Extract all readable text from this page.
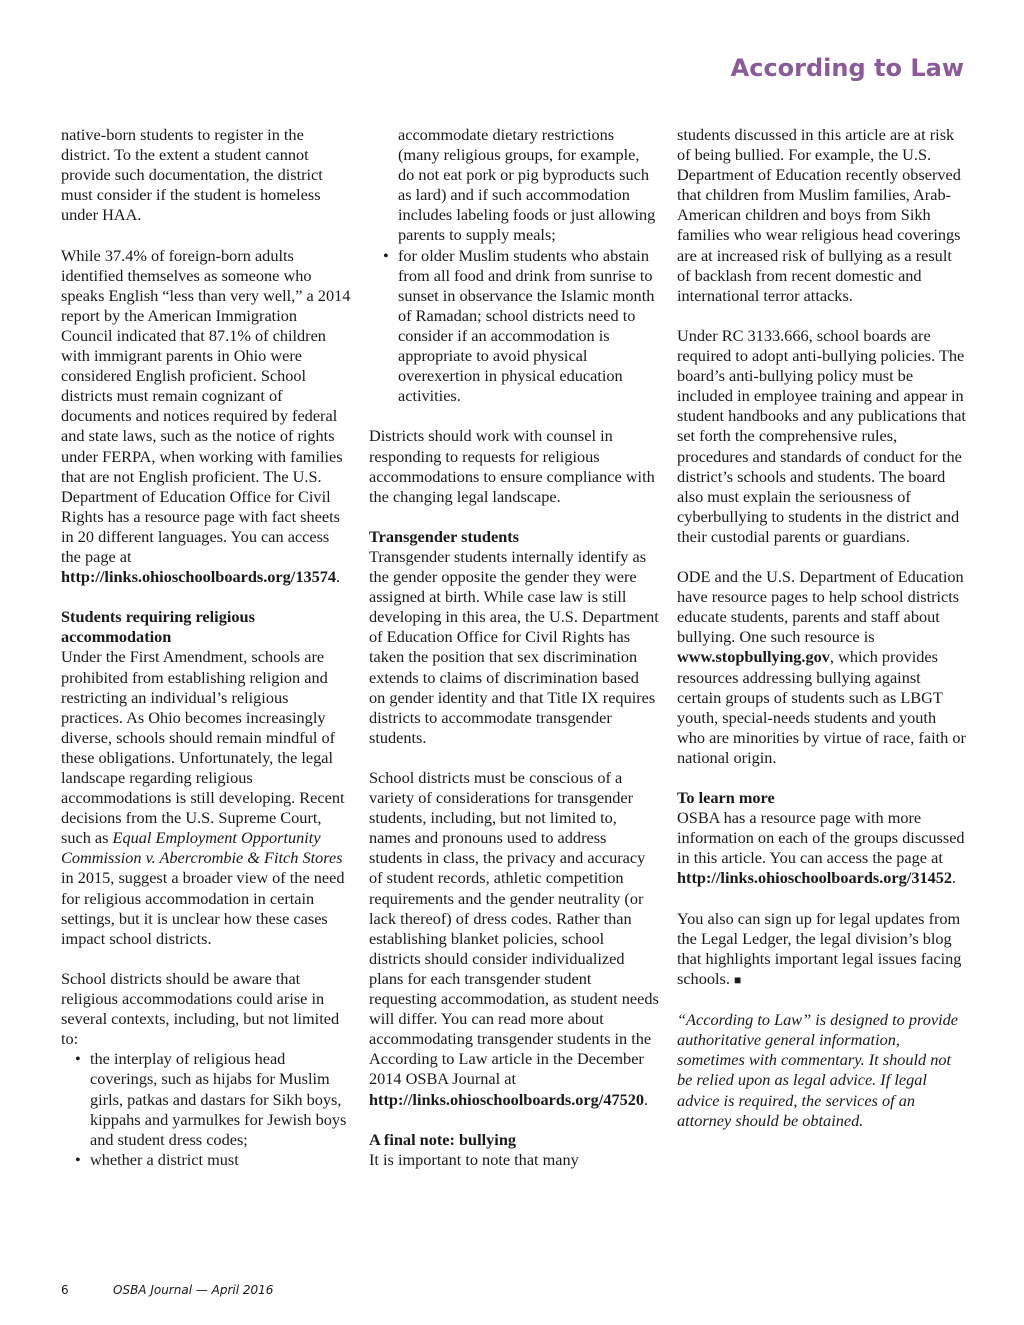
According to Law

native-born students to register in the district. To the extent a student cannot provide such documentation, the district must consider if the student is homeless under HAA.

While 37.4% of foreign-born adults identified themselves as someone who speaks English “less than very well,” a 2014 report by the American Immigration Council indicated that 87.1% of children with immigrant parents in Ohio were considered English proficient. School districts must remain cognizant of documents and notices required by federal and state laws, such as the notice of rights under FERPA, when working with families that are not English proficient. The U.S. Department of Education Office for Civil Rights has a resource page with fact sheets in 20 different languages. You can access the page at http://links.ohioschoolboards.org/13574.

Students requiring religious accommodation

Under the First Amendment, schools are prohibited from establishing religion and restricting an individual’s religious practices. As Ohio becomes increasingly diverse, schools should remain mindful of these obligations. Unfortunately, the legal landscape regarding religious accommodations is still developing. Recent decisions from the U.S. Supreme Court, such as Equal Employment Opportunity Commission v. Abercrombie & Fitch Stores in 2015, suggest a broader view of the need for religious accommodation in certain settings, but it is unclear how these cases impact school districts.

School districts should be aware that religious accommodations could arise in several contexts, including, but not limited to:

• the interplay of religious head coverings, such as hijabs for Muslim girls, patkas and dastars for Sikh boys, kippahs and yarmulkes for Jewish boys and student dress codes;
• whether a district must
accommodate dietary restrictions (many religious groups, for example, do not eat pork or pig byproducts such as lard) and if such accommodation includes labeling foods or just allowing parents to supply meals;
• for older Muslim students who abstain from all food and drink from sunrise to sunset in observance the Islamic month of Ramadan; school districts need to consider if an accommodation is appropriate to avoid physical overexertion in physical education activities.

Districts should work with counsel in responding to requests for religious accommodations to ensure compliance with the changing legal landscape.

Transgender students

Transgender students internally identify as the gender opposite the gender they were assigned at birth. While case law is still developing in this area, the U.S. Department of Education Office for Civil Rights has taken the position that sex discrimination extends to claims of discrimination based on gender identity and that Title IX requires districts to accommodate transgender students.

School districts must be conscious of a variety of considerations for transgender students, including, but not limited to, names and pronouns used to address students in class, the privacy and accuracy of student records, athletic competition requirements and the gender neutrality (or lack thereof) of dress codes. Rather than establishing blanket policies, school districts should consider individualized plans for each transgender student requesting accommodation, as student needs will differ. You can read more about accommodating transgender students in the According to Law article in the December 2014 OSBA Journal at http://links.ohioschoolboards.org/47520.

A final note: bullying

It is important to note that many

students discussed in this article are at risk of being bullied. For example, the U.S. Department of Education recently observed that children from Muslim families, Arab-American children and boys from Sikh families who wear religious head coverings are at increased risk of bullying as a result of backlash from recent domestic and international terror attacks.

Under RC 3133.666, school boards are required to adopt anti-bullying policies. The board’s anti-bullying policy must be included in employee training and appear in student handbooks and any publications that set forth the comprehensive rules, procedures and standards of conduct for the district’s schools and students. The board also must explain the seriousness of cyberbullying to students in the district and their custodial parents or guardians.

ODE and the U.S. Department of Education have resource pages to help school districts educate students, parents and staff about bullying. One such resource is www.stopbullying.gov, which provides resources addressing bullying against certain groups of students such as LBGT youth, special-needs students and youth who are minorities by virtue of race, faith or national origin.

To learn more

OSBA has a resource page with more information on each of the groups discussed in this article. You can access the page at http://links.ohioschoolboards.org/31452.

You also can sign up for legal updates from the Legal Ledger, the legal division’s blog that highlights important legal issues facing schools. ■

“According to Law” is designed to provide authoritative general information, sometimes with commentary. It should not be relied upon as legal advice. If legal advice is required, the services of an attorney should be obtained.

6	OSBA Journal — April 2016
